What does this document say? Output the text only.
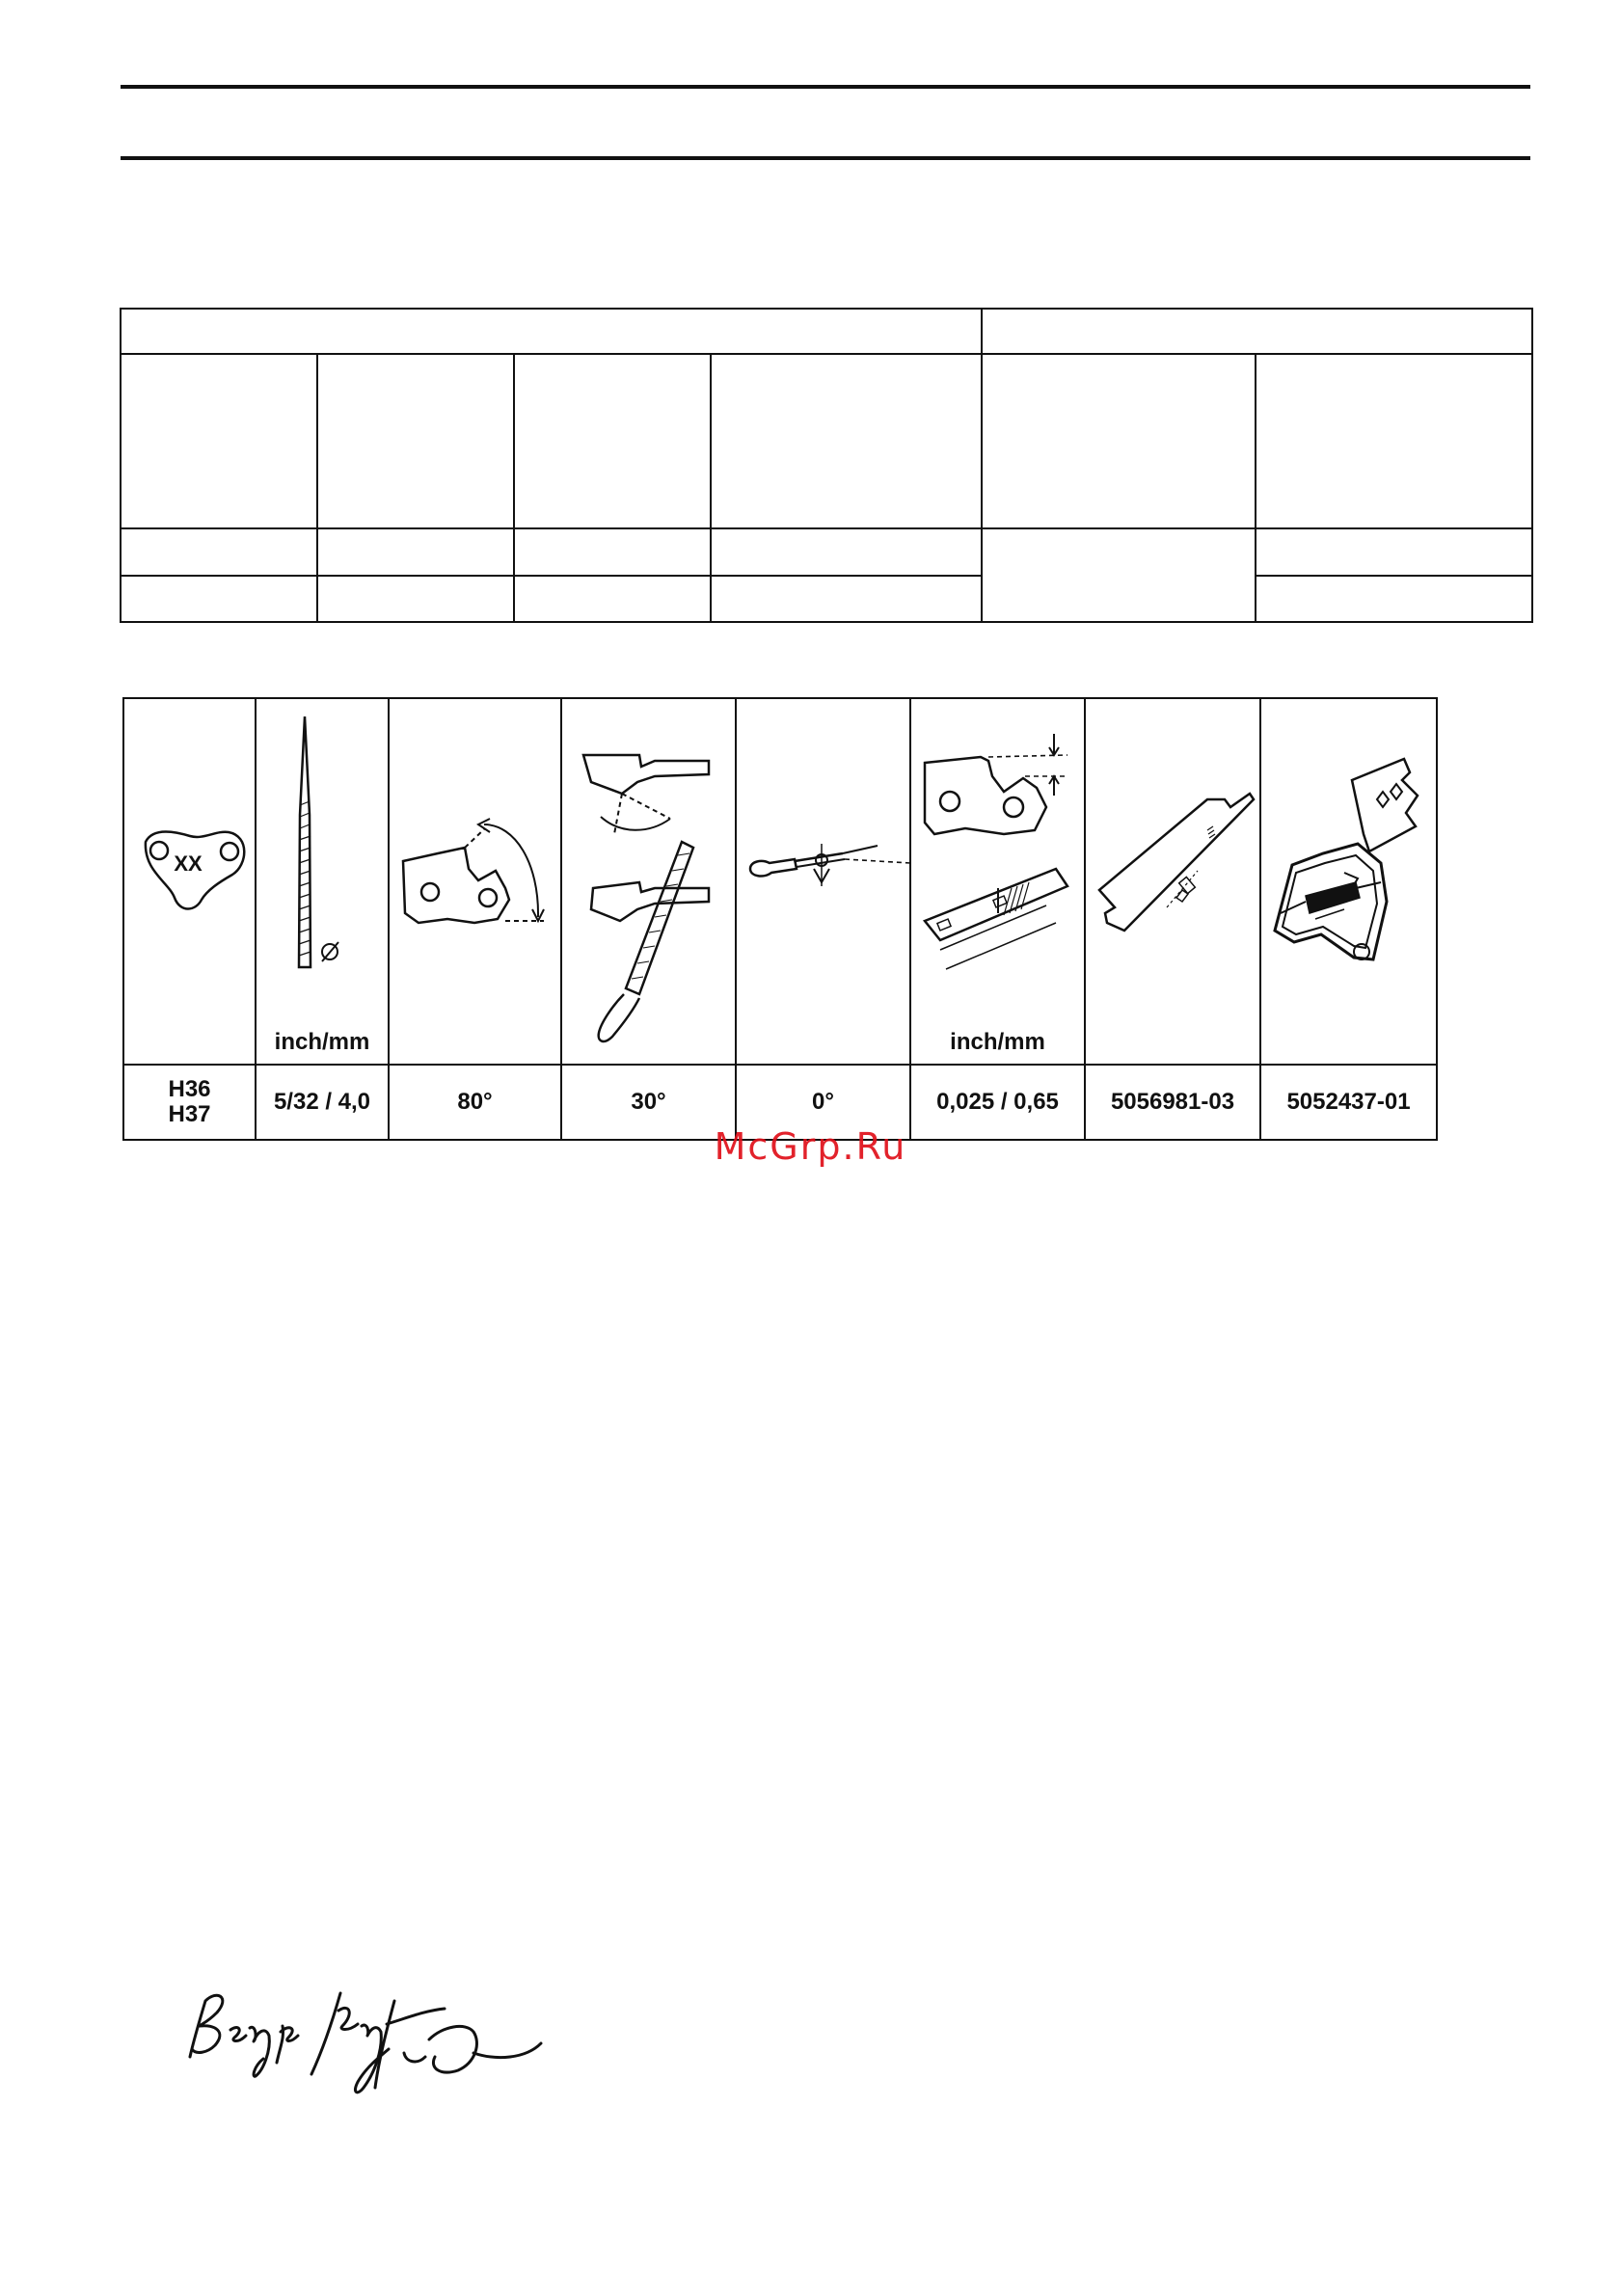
XX	inch/mm				inch/mm

H36
H37	5/32 / 4,0	80°	30°	0°	0,025 / 0,65	5056981-03	5052437-01
McGrp.Ru
